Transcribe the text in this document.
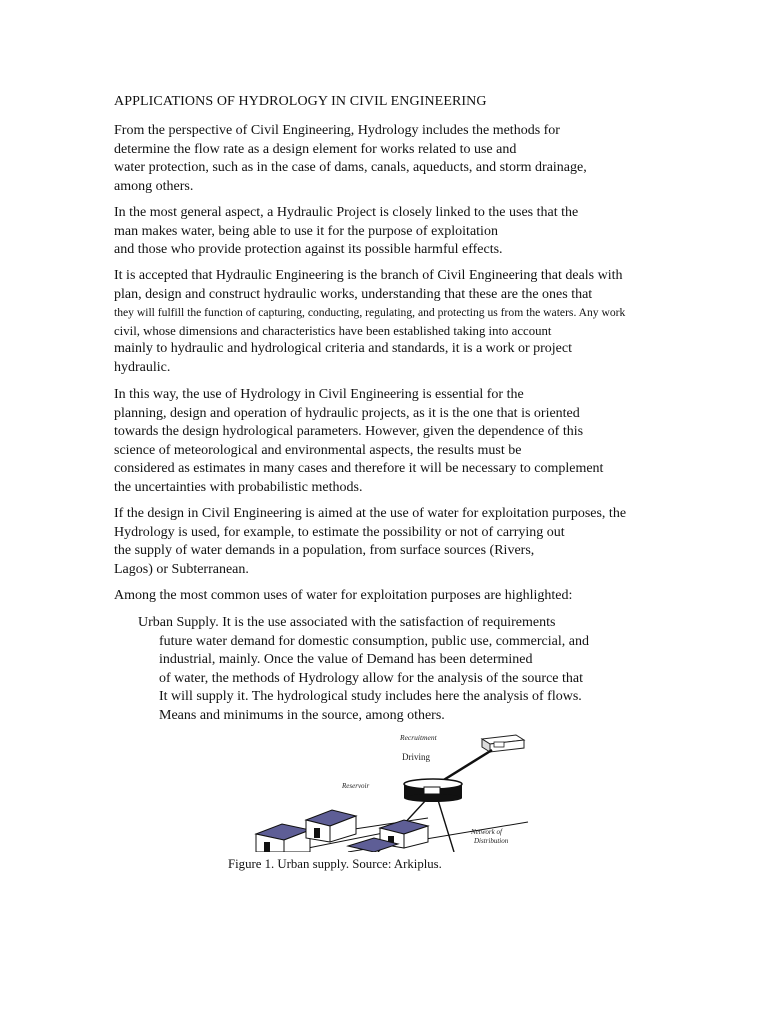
APPLICATIONS OF HYDROLOGY IN CIVIL ENGINEERING
From the perspective of Civil Engineering, Hydrology includes the methods for
determine the flow rate as a design element for works related to use and
water protection, such as in the case of dams, canals, aqueducts, and storm drainage,
among others.
In the most general aspect, a Hydraulic Project is closely linked to the uses that the
man makes water, being able to use it for the purpose of exploitation
and those who provide protection against its possible harmful effects.
It is accepted that Hydraulic Engineering is the branch of Civil Engineering that deals with
plan, design and construct hydraulic works, understanding that these are the ones that
they will fulfill the function of capturing, conducting, regulating, and protecting us from the waters. Any work
civil, whose dimensions and characteristics have been established taking into account
mainly to hydraulic and hydrological criteria and standards, it is a work or project
hydraulic.
In this way, the use of Hydrology in Civil Engineering is essential for the
planning, design and operation of hydraulic projects, as it is the one that is oriented
towards the design hydrological parameters. However, given the dependence of this
science of meteorological and environmental aspects, the results must be
considered as estimates in many cases and therefore it will be necessary to complement
the uncertainties with probabilistic methods.
If the design in Civil Engineering is aimed at the use of water for exploitation purposes, the
Hydrology is used, for example, to estimate the possibility or not of carrying out
the supply of water demands in a population, from surface sources (Rivers,
Lagos) or Subterranean.
Among the most common uses of water for exploitation purposes are highlighted:
Urban Supply. It is the use associated with the satisfaction of requirements
future water demand for domestic consumption, public use, commercial, and
industrial, mainly. Once the value of Demand has been determined
of water, the methods of Hydrology allow for the analysis of the source that
It will supply it. The hydrological study includes here the analysis of flows.
Means and minimums in the source, among others.
Recruitment
Driving
Reservoir
Network of
Distribution
Figure 1. Urban supply. Source: Arkiplus.
